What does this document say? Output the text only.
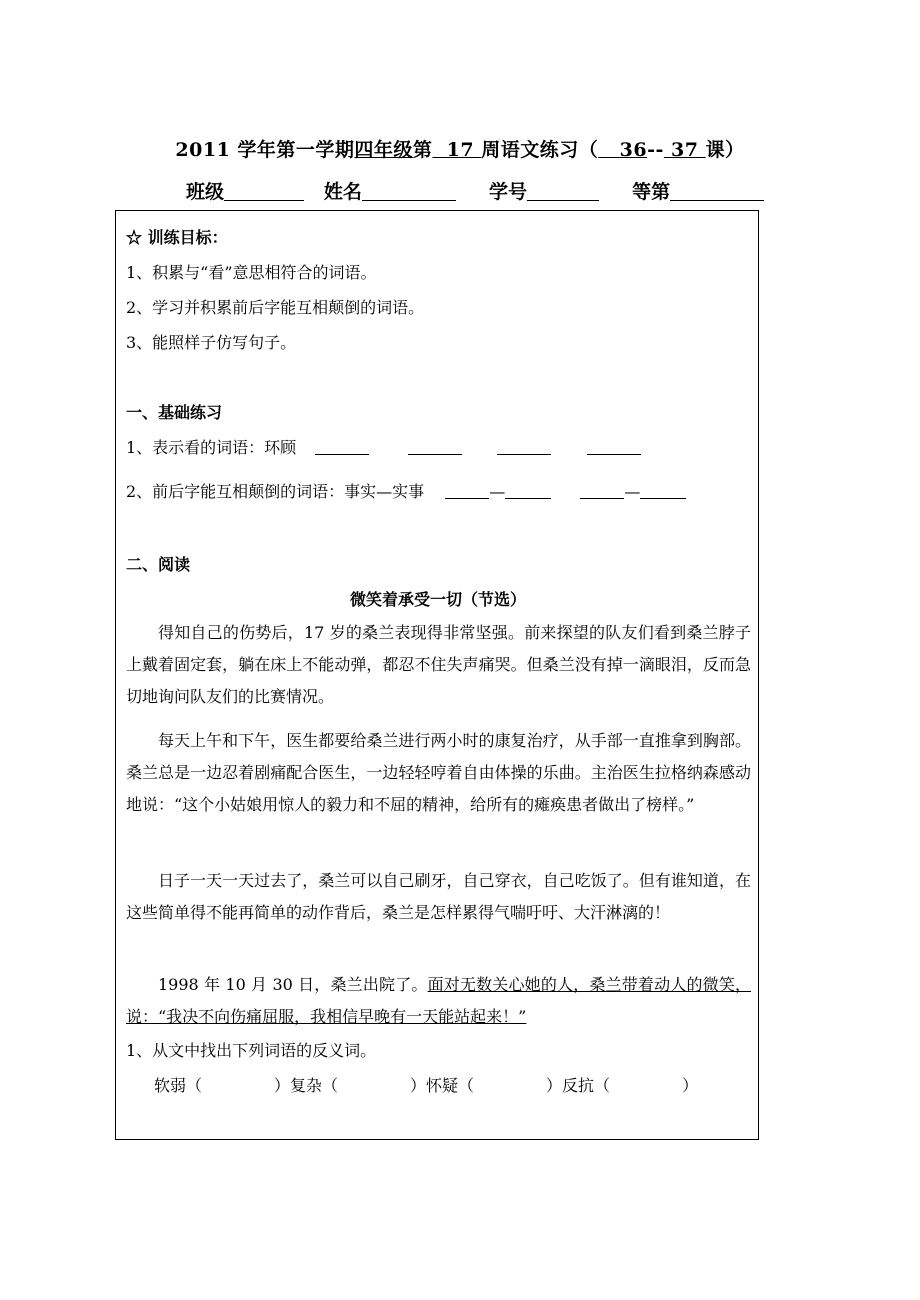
2011 学年第一学期四年级第 17 周语文练习（ 36-- 37 课）
班级	姓名	学号	等第
☆ 训练目标：
1、积累与“看”意思相符合的词语。
2、学习并积累前后字能互相颠倒的词语。
3、能照样子仿写句子。
一、基础练习
1、表示看的词语：环顾
2、前后字能互相颠倒的词语：事实—实事	—	—
二、阅读
微笑着承受一切（节选）
得知自己的伤势后，17 岁的桑兰表现得非常坚强。前来探望的队友们看到桑兰脖子上戴着固定套，躺在床上不能动弹，都忍不住失声痛哭。但桑兰没有掉一滴眼泪，反而急切地询问队友们的比赛情况。
每天上午和下午，医生都要给桑兰进行两小时的康复治疗，从手部一直推拿到胸部。桑兰总是一边忍着剧痛配合医生，一边轻轻哼着自由体操的乐曲。主治医生拉格纳森感动地说：“这个小姑娘用惊人的毅力和不屈的精神，给所有的瘫痪患者做出了榜样。”
日子一天一天过去了，桑兰可以自己刷牙，自己穿衣，自己吃饭了。但有谁知道，在这些简单得不能再简单的动作背后，桑兰是怎样累得气喘吁吁、大汗淋漓的！
1998 年 10 月 30 日，桑兰出院了。面对无数关心她的人，桑兰带着动人的微笑，说：“我决不向伤痛屈服，我相信早晚有一天能站起来！”
1、从文中找出下列词语的反义词。
软弱（	）复杂（	）怀疑（	）反抗（	）
